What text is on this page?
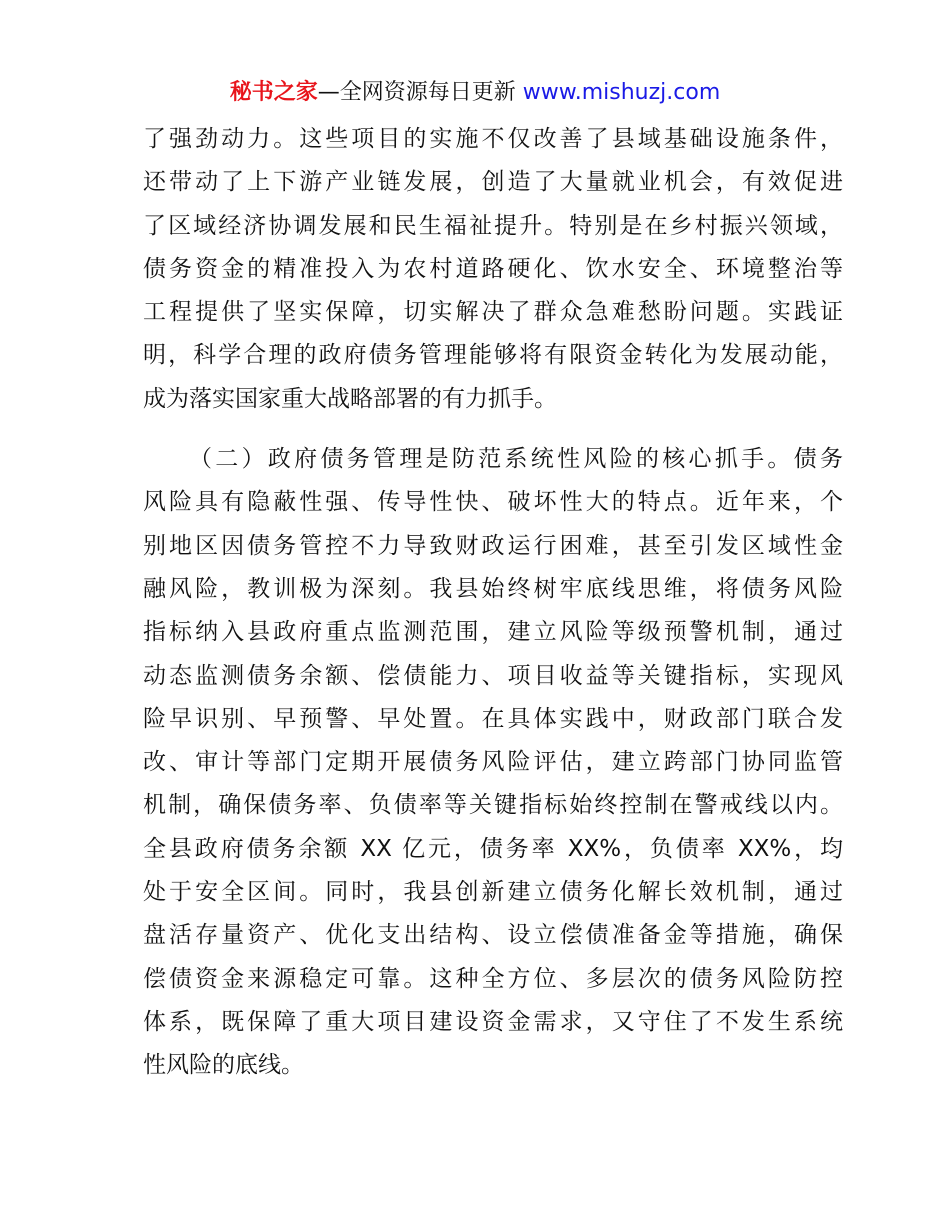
秘书之家—全网资源每日更新 www.mishuzj.com
了强劲动力。这些项目的实施不仅改善了县域基础设施条件，
还带动了上下游产业链发展，创造了大量就业机会，有效促进
了区域经济协调发展和民生福祉提升。特别是在乡村振兴领域，
债务资金的精准投入为农村道路硬化、饮水安全、环境整治等
工程提供了坚实保障，切实解决了群众急难愁盼问题。实践证
明，科学合理的政府债务管理能够将有限资金转化为发展动能，
成为落实国家重大战略部署的有力抓手。
（二）政府债务管理是防范系统性风险的核心抓手。债务
风险具有隐蔽性强、传导性快、破坏性大的特点。近年来，个
别地区因债务管控不力导致财政运行困难，甚至引发区域性金
融风险，教训极为深刻。我县始终树牢底线思维，将债务风险
指标纳入县政府重点监测范围，建立风险等级预警机制，通过
动态监测债务余额、偿债能力、项目收益等关键指标，实现风
险早识别、早预警、早处置。在具体实践中，财政部门联合发
改、审计等部门定期开展债务风险评估，建立跨部门协同监管
机制，确保债务率、负债率等关键指标始终控制在警戒线以内。
全县政府债务余额 XX 亿元，债务率 XX%，负债率 XX%，均
处于安全区间。同时，我县创新建立债务化解长效机制，通过
盘活存量资产、优化支出结构、设立偿债准备金等措施，确保
偿债资金来源稳定可靠。这种全方位、多层次的债务风险防控
体系，既保障了重大项目建设资金需求，又守住了不发生系统
性风险的底线。
